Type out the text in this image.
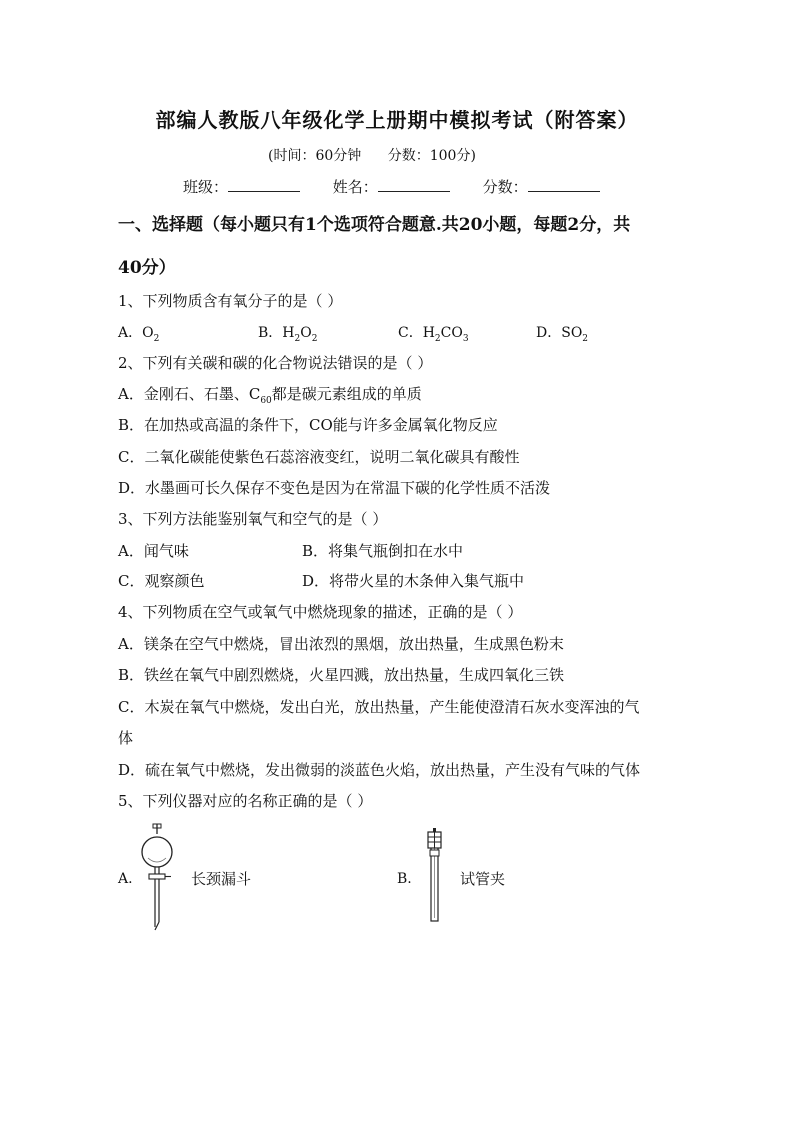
部编人教版八年级化学上册期中模拟考试（附答案）
(时间：60分钟 分数：100分)
班级：	姓名：	分数：
一、选择题（每小题只有1个选项符合题意.共20小题，每题2分，共
40分）
1、下列物质含有氧分子的是（ ）
A．$O_2$	B．$H_2O_2$	C．$H_2CO_3$	D．$SO_2$
2、下列有关碳和碳的化合物说法错误的是（ ）
A．金刚石、石墨、$C_{60}$都是碳元素组成的单质
B．在加热或高温的条件下，CO能与许多金属氧化物反应
C．二氧化碳能使紫色石蕊溶液变红，说明二氧化碳具有酸性
D．水墨画可长久保存不变色是因为在常温下碳的化学性质不活泼
3、下列方法能鉴别氧气和空气的是（ ）
A．闻气味	B．将集气瓶倒扣在水中
C．观察颜色	D．将带火星的木条伸入集气瓶中
4、下列物质在空气或氧气中燃烧现象的描述，正确的是（ ）
A．镁条在空气中燃烧，冒出浓烈的黑烟，放出热量，生成黑色粉末
B．铁丝在氧气中剧烈燃烧，火星四溅，放出热量，生成四氧化三铁
C．木炭在氧气中燃烧，发出白光，放出热量，产生能使澄清石灰水变浑浊的气
体
D．硫在氧气中燃烧，发出微弱的淡蓝色火焰，放出热量，产生没有气味的气体
5、下列仪器对应的名称正确的是（ ）
A.	长颈漏斗	B.	试管夹
